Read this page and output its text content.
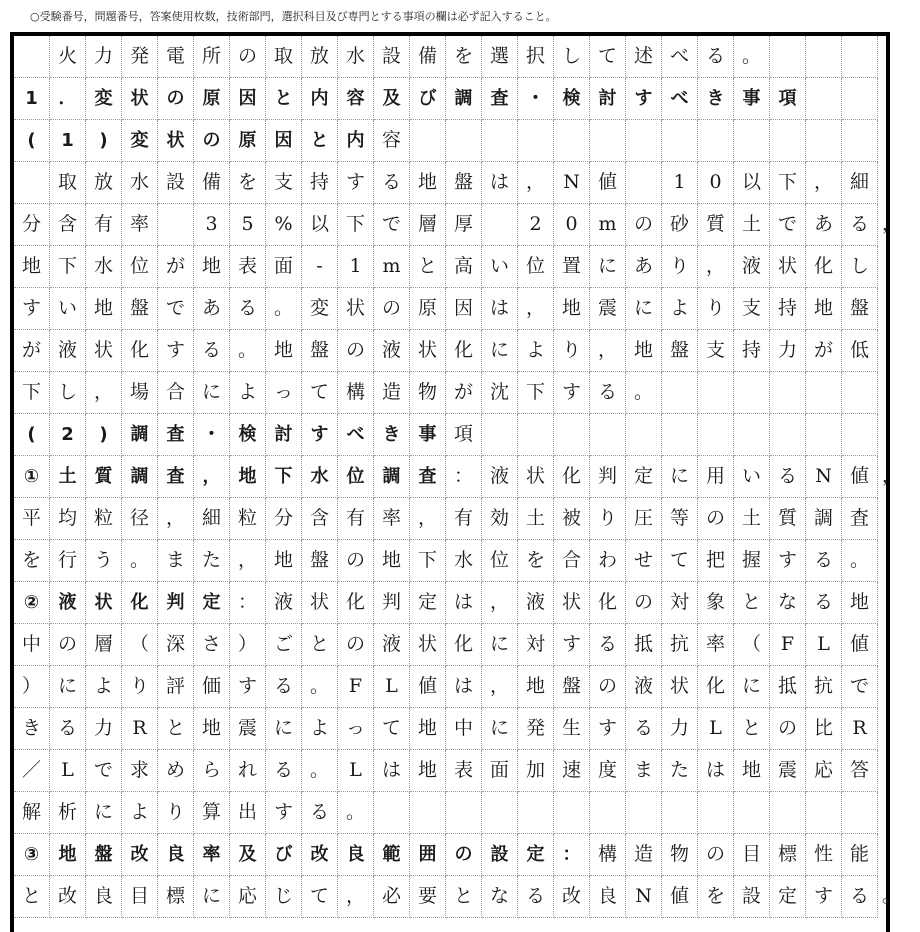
○受験番号，問題番号，答案使用枚数，技術部門，選択科目及び専門とする事項の欄は必ず記入すること。
火 力 発 電 所 の 取 放 水 設 備 を 選 択 し て 述 べ る 。
1	．	変	状	の	原	因	と	内	容	及	び	調	査	・	検	討	す	べ	き	事	項
(	1	)	変	状	の	原	因	と	内 容
取 放 水 設 備 を 支 持 す る 地 盤 は ， N 値	1	0	以 下 ， 細
分 含 有 率	3	5	% 以 下 で 層 厚	2	0	m の 砂 質 土 で あ る
地 下 水 位 が 地 表 面	-	1	m と 高 い 位 置 に あ り ， 液 状 化 し
す い 地 盤 で あ る 。 変 状 の 原 因 は ， 地 震 に よ り 支 持 地 盤
が 液 状 化 す る 。 地 盤 の 液 状 化 に よ り ， 地 盤 支 持 力 が 低
下 し ， 場 合 に よ っ て 構 造 物 が 沈 下 す る 。
(	2	)	調	査	・	検	討	す	べ	き	事 項
①	土	質	調	査	，	地	下	水	位	調	査 ： 液 状 化 判 定 に 用 い る N 値
平 均 粒 径 ， 細 粒 分 含 有 率 ， 有 効 土 被 り 圧 等 の 土 質 調 査
を 行 う 。 ま た ， 地 盤 の 地 下 水 位 を 合 わ せ て 把 握 す る 。
②	液	状	化	判	定 ： 液 状 化 判 定 は ， 液 状 化 の 対 象 と な る 地
中 の 層 （ 深 さ ） ご と の 液 状 化 に 対 す る 抵 抗 率 （	F	L	値
） に よ り 評 価 す る 。	F	L	値 は ， 地 盤 の 液 状 化 に 抵 抗 で
き る 力	R	と 地 震 に よ っ て 地 中 に 発 生 す る 力	L	と の 比	R
／	L	で 求 め ら れ る 。	L	は 地 表 面 加 速 度 ま た は 地 震 応 答
解 析 に よ り 算 出 す る 。
③	地	盤	改	良	率	及	び	改	良	範	囲	の	設	定	： 構 造 物 の 目 標 性 能
と 改 良 目 標 に 応 じ て ， 必 要 と な る 改 良 N 値 を 設 定 す る
，
，
。
